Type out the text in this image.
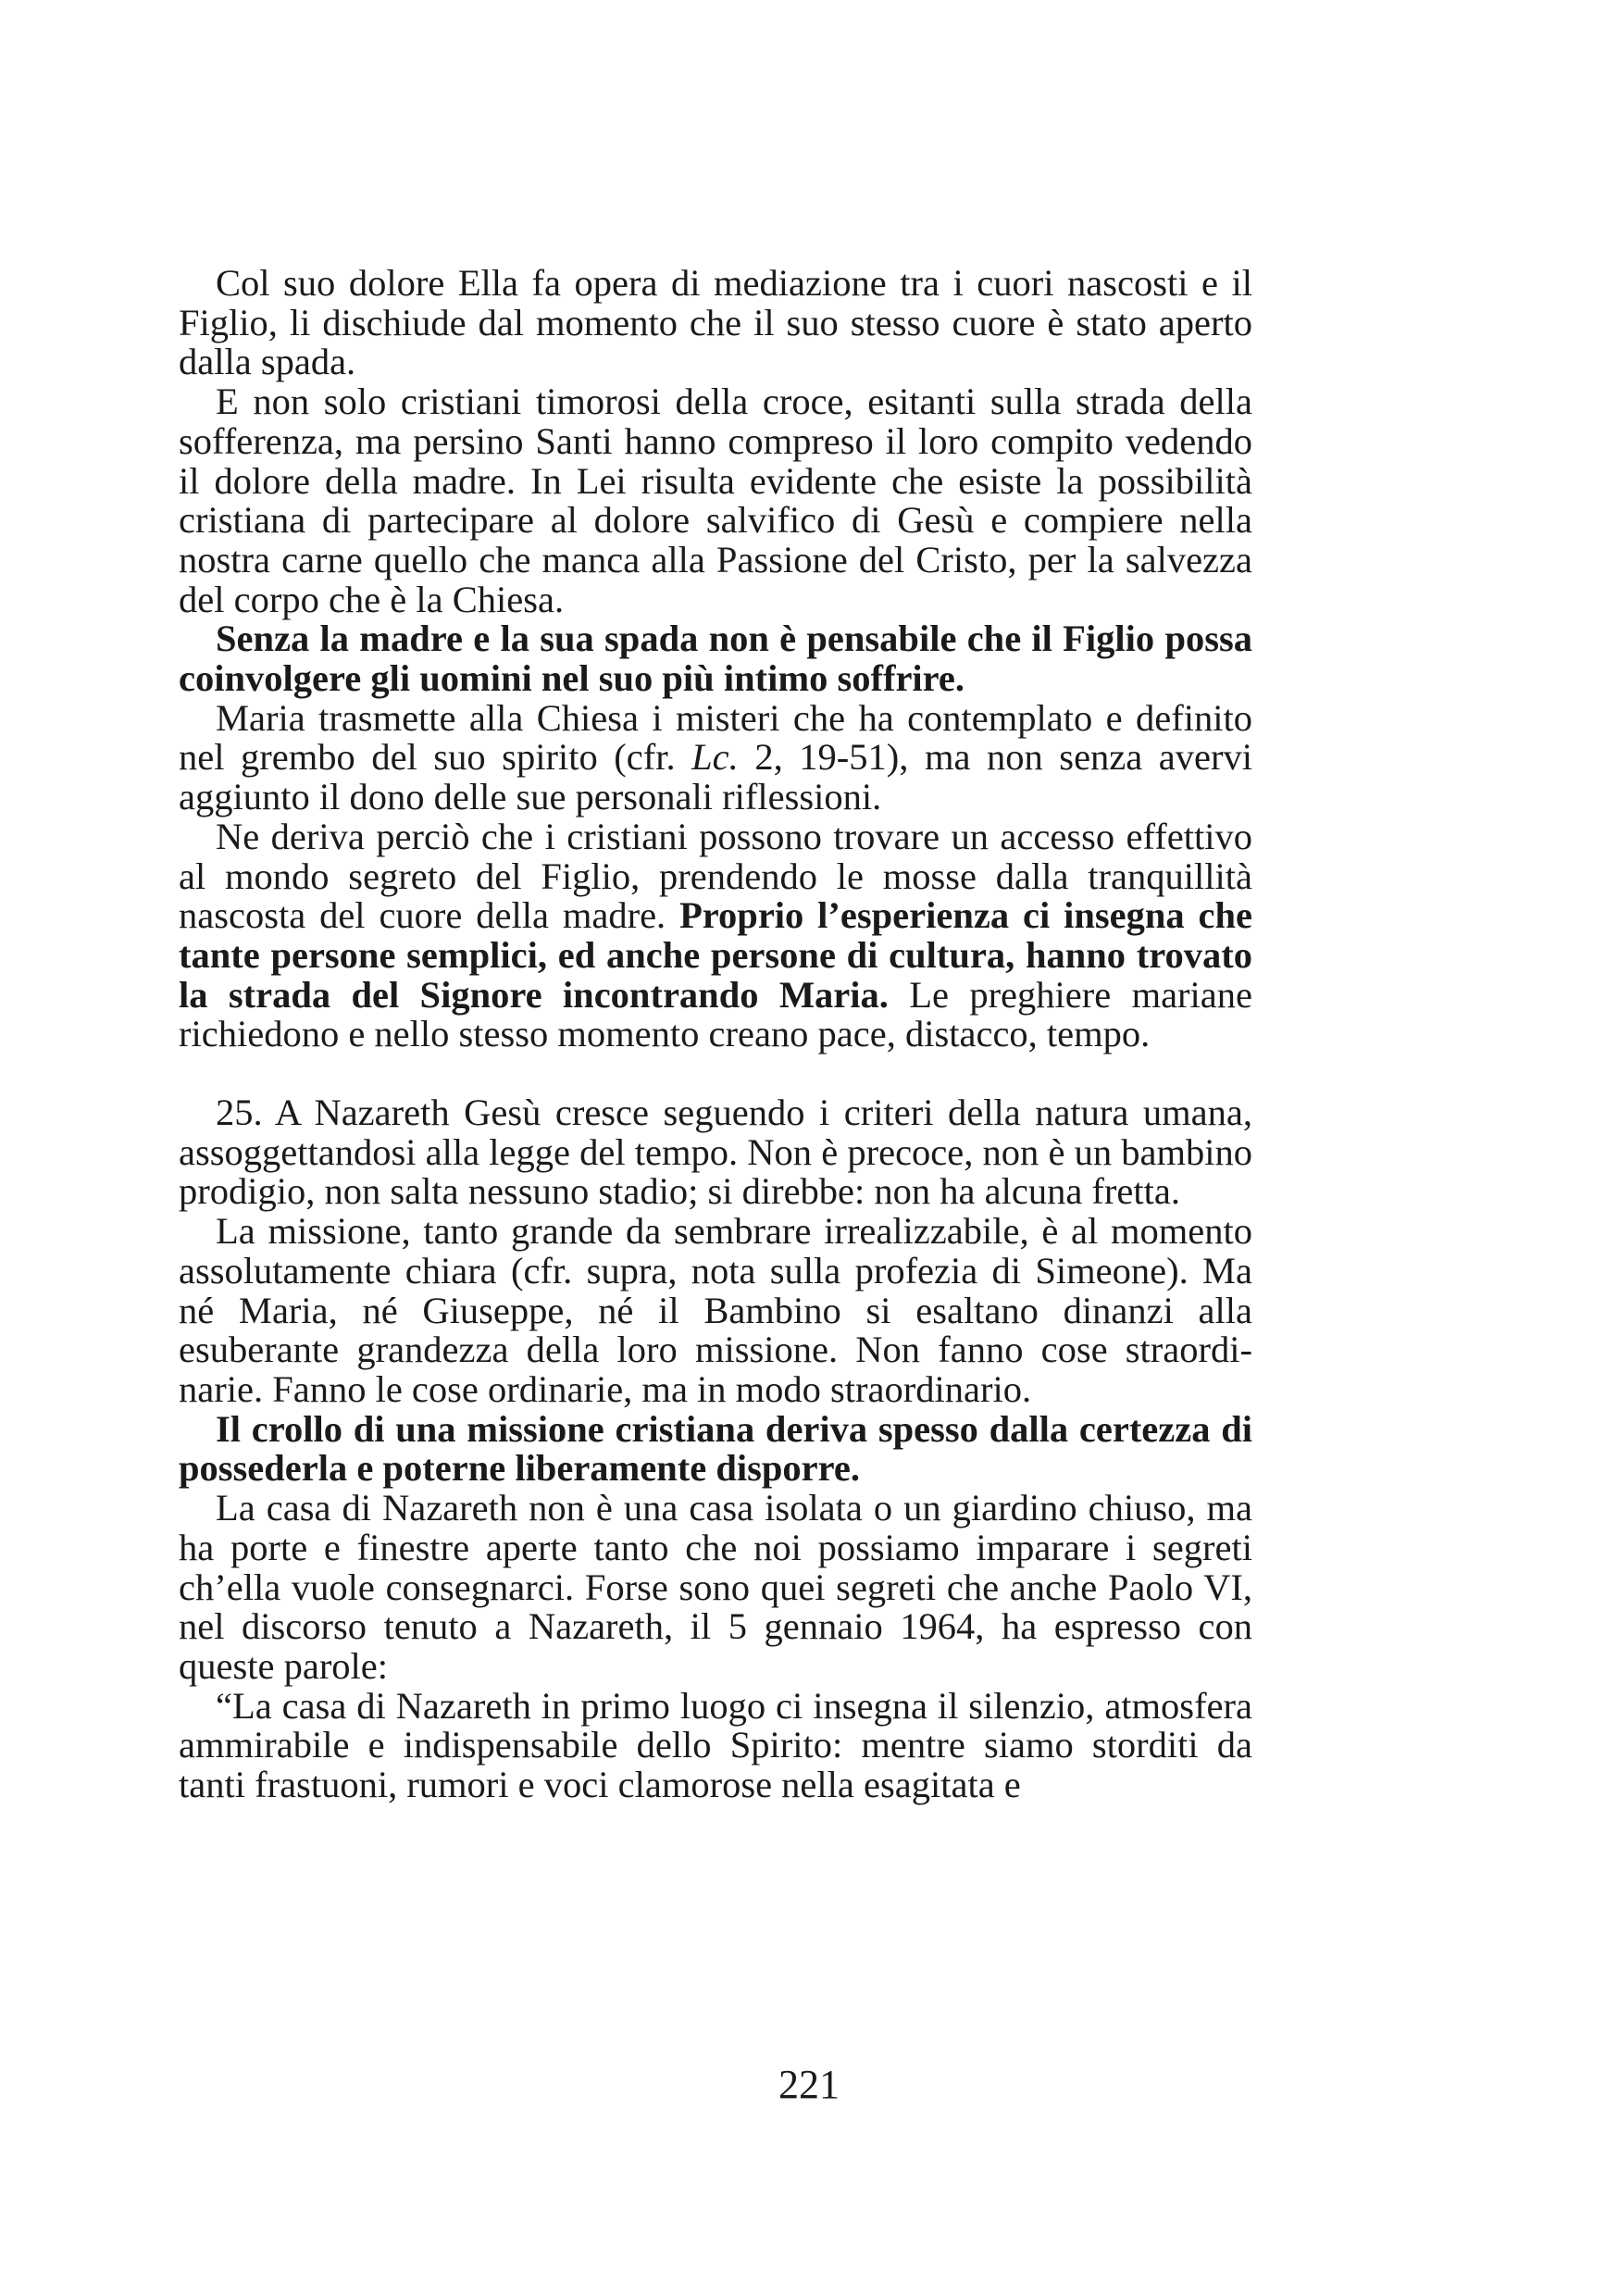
Col suo dolore Ella fa opera di mediazione tra i cuori nascosti e il Figlio, li dischiude dal momento che il suo stesso cuore è stato aperto dalla spada.

E non solo cristiani timorosi della croce, esitanti sulla strada della sofferenza, ma persino Santi hanno compreso il loro compito vedendo il dolore della madre. In Lei risulta evidente che esiste la possibilità cristiana di partecipare al dolore salvifico di Gesù e compiere nella nostra carne quello che manca alla Passione del Cristo, per la salvezza del corpo che è la Chiesa.

Senza la madre e la sua spada non è pensabile che il Figlio possa coinvolgere gli uomini nel suo più intimo soffrire.

Maria trasmette alla Chiesa i misteri che ha contemplato e definito nel grembo del suo spirito (cfr. Lc. 2, 19-51), ma non senza avervi aggiunto il dono delle sue personali riflessioni.

Ne deriva perciò che i cristiani possono trovare un accesso effettivo al mondo segreto del Figlio, prendendo le mosse dalla tranquillità nascosta del cuore della madre. Proprio l’esperienza ci insegna che tante persone semplici, ed anche persone di cultura, hanno trovato la strada del Signore incontrando Maria. Le preghiere mariane richiedono e nello stesso momento creano pace, distacco, tempo.

25. A Nazareth Gesù cresce seguendo i criteri della natura umana, assoggettandosi alla legge del tempo. Non è precoce, non è un bambino prodigio, non salta nessuno stadio; si direbbe: non ha alcuna fretta.

La missione, tanto grande da sembrare irrealizzabile, è al momento assolutamente chiara (cfr. supra, nota sulla profezia di Simeone). Ma né Maria, né Giuseppe, né il Bambino si esaltano dinanzi alla esuberante grandezza della loro missione. Non fanno cose straordinarie. Fanno le cose ordinarie, ma in modo straordinario.

Il crollo di una missione cristiana deriva spesso dalla certezza di possederla e poterne liberamente disporre.

La casa di Nazareth non è una casa isolata o un giardino chiuso, ma ha porte e finestre aperte tanto che noi possiamo imparare i segreti ch’ella vuole consegnarci. Forse sono quei segreti che anche Paolo VI, nel discorso tenuto a Nazareth, il 5 gennaio 1964, ha espresso con queste parole:

“La casa di Nazareth in primo luogo ci insegna il silenzio, atmosfera ammirabile e indispensabile dello Spirito: mentre siamo storditi da tanti frastuoni, rumori e voci clamorose nella esagitata e

221
